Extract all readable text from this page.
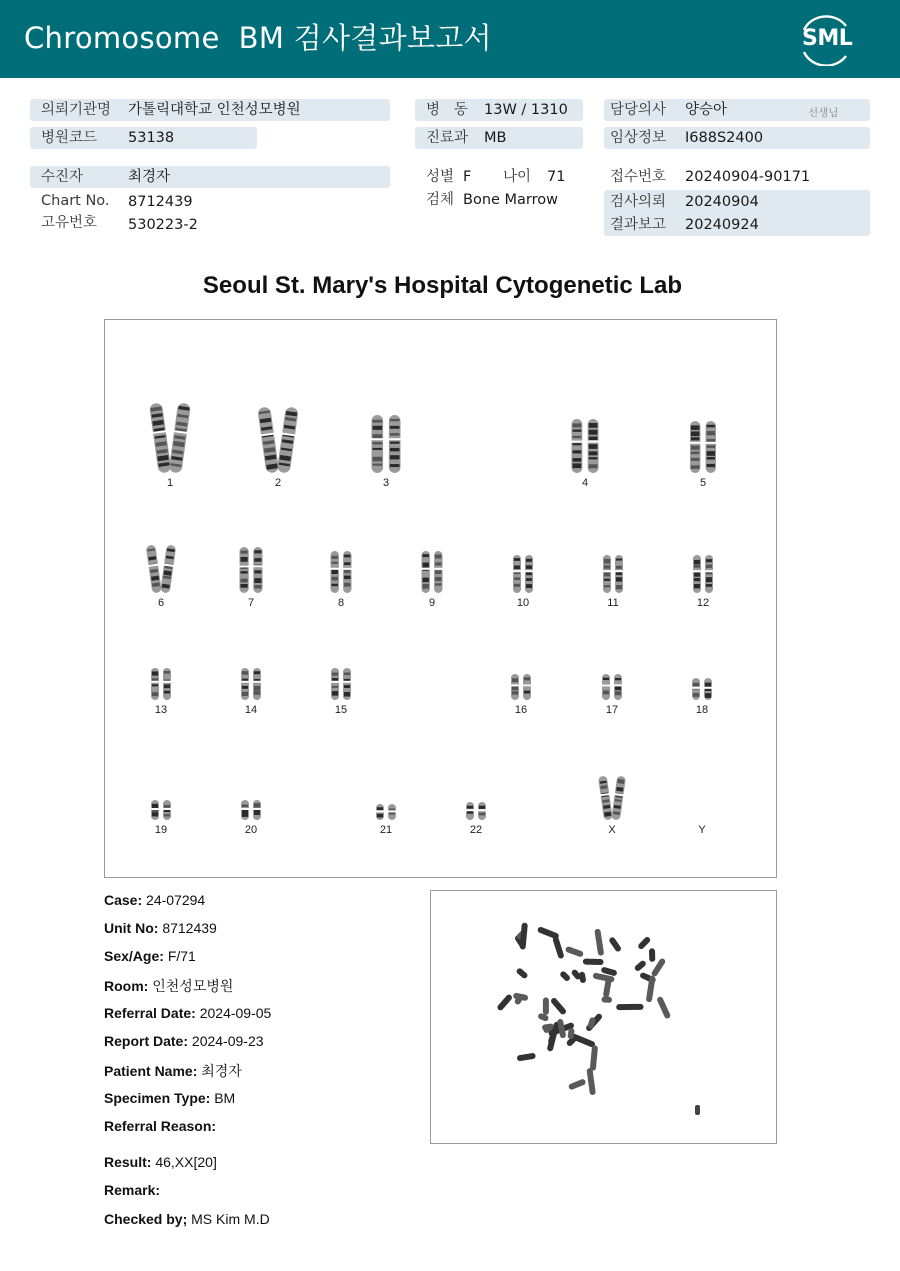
Chromosome  BM 검사결과보고서	SML
의뢰기관명 가톨릭대학교 인천성모병원
병원코드 53138
수진자	최경자
Chart No. 8712439
고유번호 530223-2
병   동 13W / 1310
진료과 MB
성별 F 나이 71
검체 Bone Marrow
담당의사 양승아	선생님
임상정보 I688S2400
접수번호 20240904-90171
검사의뢰 20240904
결과보고 20240924
Seoul St. Mary's Hospital Cytogenetic Lab
1	2	3	4	5
6	7	8	9	10	11	12
13	14	15	16	17	18
19	20	21	22	X	Y
Case: 24-07294
Unit No: 8712439
Sex/Age: F/71
Room: 인천성모병원
Referral Date: 2024-09-05
Report Date: 2024-09-23
Patient Name: 최경자
Specimen Type: BM
Referral Reason:
Result: 46,XX[20]
Remark:
Checked by; MS Kim M.D
